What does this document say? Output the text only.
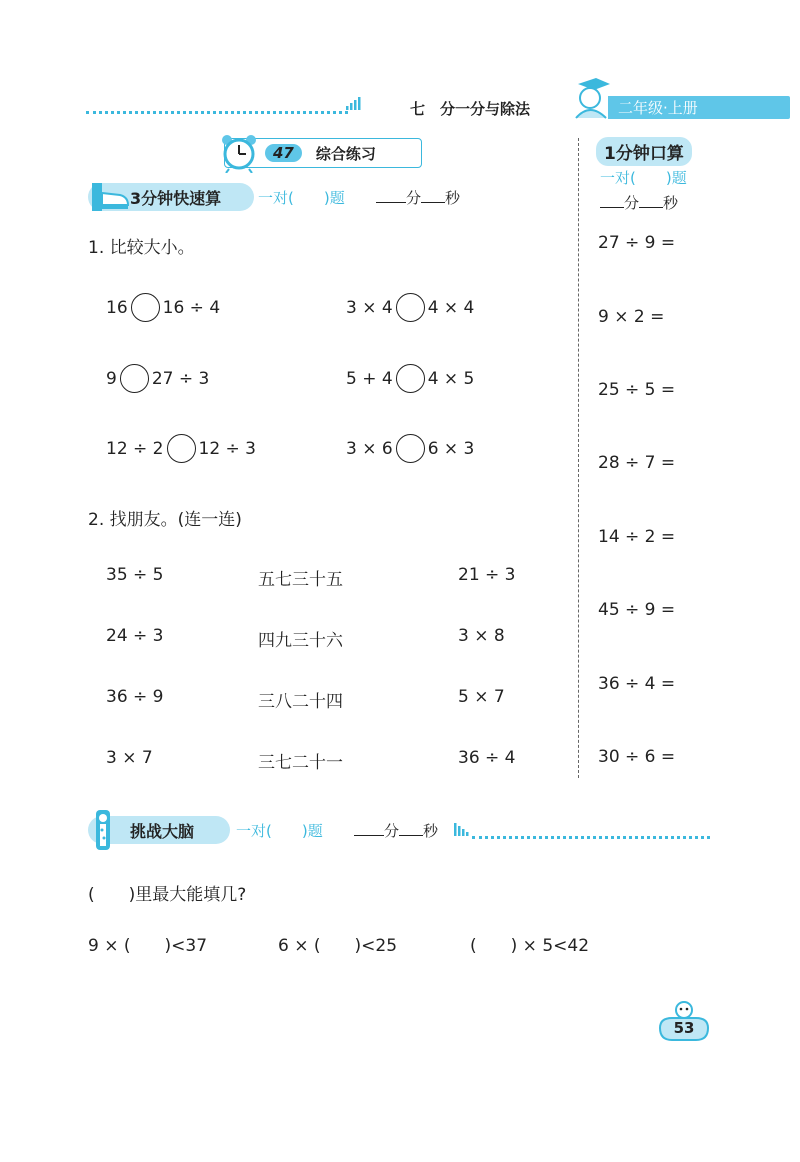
七　分一分与除法	二年级·上册
47	综合练习
3分钟快速算 一对(　　)题	分 秒
1. 比较大小。
16 16 ÷ 4	3 × 4 4 × 4
9 27 ÷ 3	5 + 4 4 × 5
12 ÷ 2 12 ÷ 3	3 × 6 6 × 3
2. 找朋友。(连一连)
35 ÷ 5	五七三十五	21 ÷ 3
24 ÷ 3	四九三十六	3 × 8
36 ÷ 9	三八二十四	5 × 7
3 × 7	三七二十一	36 ÷ 4
1分钟口算
一对(　　)题
分 秒
27 ÷ 9 =
9 × 2 =
25 ÷ 5 =
28 ÷ 7 =
14 ÷ 2 =
45 ÷ 9 =
36 ÷ 4 =
30 ÷ 6 =
挑战大脑	一对(　　)题	分 秒
(　　)里最大能填几?
9 × (　　)<37	6 × (　　)<25	(　　) × 5<42
53
